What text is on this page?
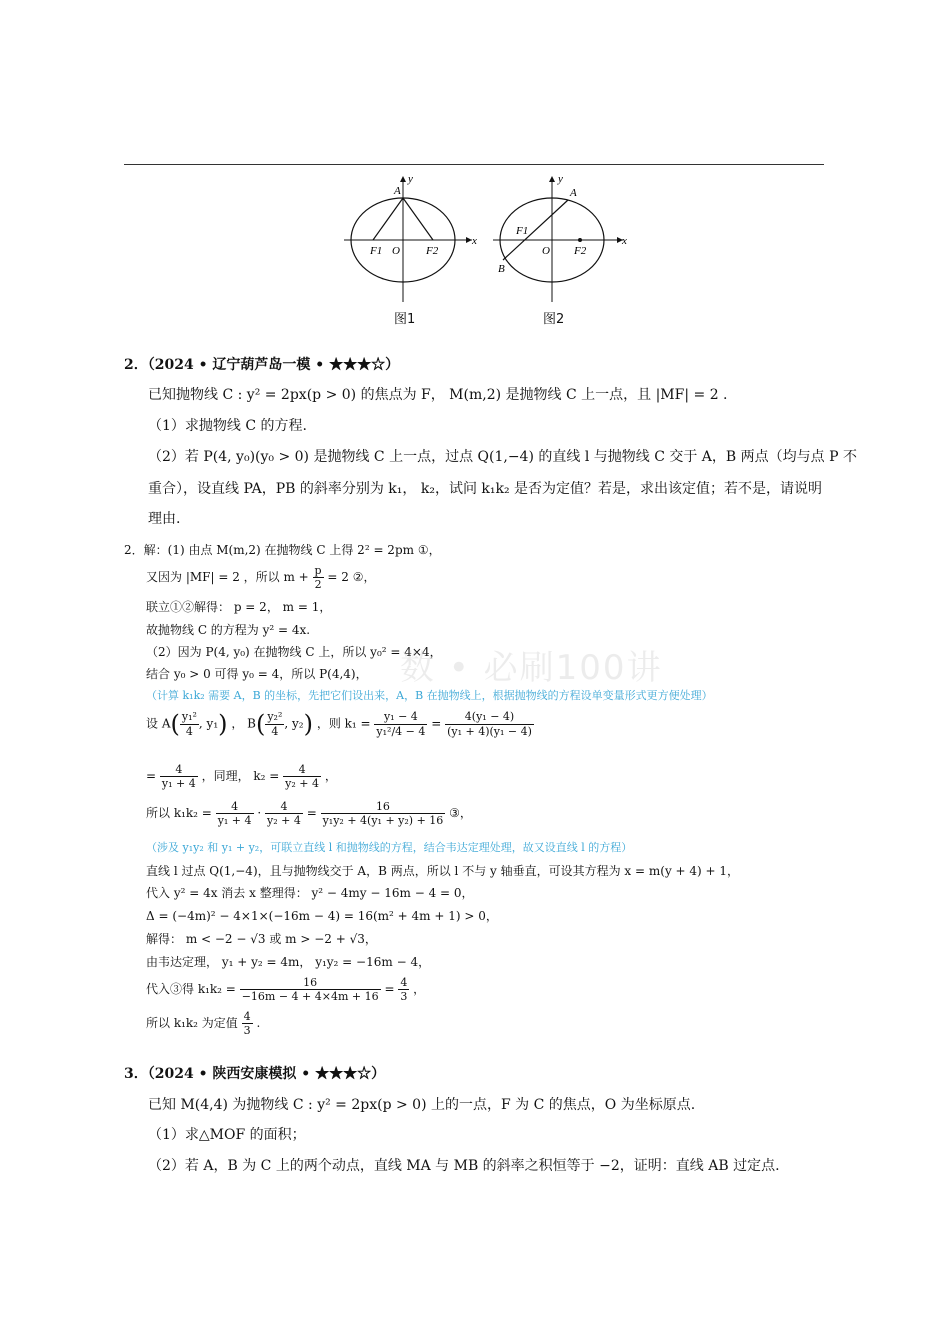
A
y
x
O
F1	F2
A
y
x
O
F1
F2
B
图1	图2
2．（2024 • 辽宁葫芦岛一模 • ★★★☆）
已知抛物线 C : y² = 2px(p > 0) 的焦点为 F， M(m,2) 是抛物线 C 上一点，且 |MF| = 2 .
（1）求抛物线 C 的方程.
（2）若 P(4, y₀)(y₀ > 0) 是抛物线 C 上一点，过点 Q(1,−4) 的直线 l 与抛物线 C 交于 A，B 两点（均与点 P 不
重合），设直线 PA，PB 的斜率分别为 k₁， k₂，试问 k₁k₂ 是否为定值？若是，求出该定值；若不是，请说明
理由.
2．解：(1) 由点 M(m,2) 在抛物线 C 上得 2² = 2pm ①，
又因为 |MF| = 2 ，所以 $m + \frac{p}{2} = 2$ ②，
联立①②解得： p = 2， m = 1，
故抛物线 C 的方程为 y² = 4x.
（2）因为 P(4, y₀) 在抛物线 C 上，所以 y₀² = 4×4，
结合 y₀ > 0 可得 y₀ = 4，所以 P(4,4)，
（计算 k₁k₂ 需要 A，B 的坐标，先把它们设出来，A，B 在抛物线上，根据抛物线的方程设单变量形式更方便处理）
设 $A( \frac{\text{y₁²}}{4}$ , y₁) ， $B( \frac{\text{y₂²}}{4}$ , y₂) ，则 $k_1 = \frac{\text{y₁ − 4}}{\text{y₁²/4 − 4}} = \frac{\text{4(y₁ − 4)}}{\text{(y₁ + 4)(y₁ − 4)}}$
= $\frac{4}{\text{y₁ + 4}}$ ，同理， $k_2 = \frac{4}{\text{y₂ + 4}}$ ，
所以 $k_1k_2 = \frac{4}{\text{y₁ + 4}} \cdot \frac{4}{\text{y₂ + 4}} = \frac{16}{\text{y₁y₂ + 4(y₁ + y₂) + 16}}$ ③，
（涉及 y₁y₂ 和 y₁ + y₂，可联立直线 l 和抛物线的方程，结合韦达定理处理，故又设直线 l 的方程）
直线 l 过点 Q(1,−4)，且与抛物线交于 A，B 两点，所以 l 不与 y 轴垂直，可设其方程为 x = m(y + 4) + 1，
代入 y² = 4x 消去 x 整理得： y² − 4my − 16m − 4 = 0，
Δ = (−4m)² − 4×1×(−16m − 4) = 16(m² + 4m + 1) > 0，
解得： m < −2 − √3 或 m > −2 + √3，
由韦达定理， y₁ + y₂ = 4m， y₁y₂ = −16m − 4，
代入③得 $k_1k_2 = \frac{16}{-16m - 4 + 4\times 4m + 16} = \frac{4}{3}$ ，
所以 k₁k₂ 为定值 $\frac{4}{3}$ .
数 • 必刷100讲
3．（2024 • 陕西安康模拟 • ★★★☆）
已知 M(4,4) 为抛物线 C : y² = 2px(p > 0) 上的一点，F 为 C 的焦点，O 为坐标原点.
（1）求△MOF 的面积；
（2）若 A，B 为 C 上的两个动点，直线 MA 与 MB 的斜率之积恒等于 −2，证明：直线 AB 过定点.
